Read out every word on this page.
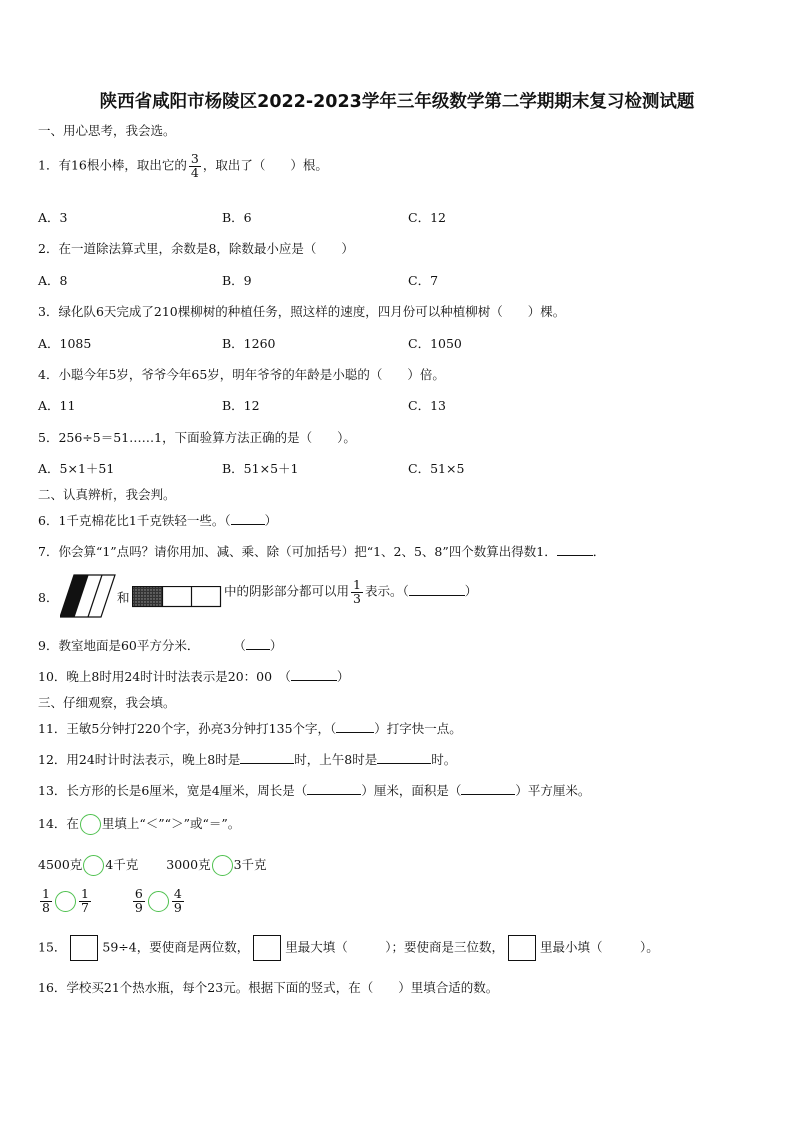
陕西省咸阳市杨陵区2022-2023学年三年级数学第二学期期末复习检测试题
一、用心思考，我会选。
1．有16根小棒，取出它的 $\frac{3}{4}$ ，取出了（　　）根。
A．3	B．6	C．12
2．在一道除法算式里，余数是8，除数最小应是（　　）
A．8	B．9	C．7
3．绿化队6天完成了210棵柳树的种植任务，照这样的速度，四月份可以种植柳树（　　）棵。
A．1085	B．1260	C．1050
4．小聪今年5岁，爷爷今年65岁，明年爷爷的年龄是小聪的（　　）倍。
A．11	B．12	C．13
5．256÷5＝51……1，下面验算方法正确的是（　　）。
A．5×1＋51	B．51×5＋1	C．51×5
二、认真辨析，我会判。
6．1千克棉花比1千克铁轻一些。（	）
7．你会算“1”点吗？请你用加、减、乘、除（可加括号）把“1、2、5、8”四个数算出得数1．	．
8．	和	中的阴影部分都可以用 $\frac{1}{3}$ 表示。（	）
9．教室地面是60平方分米．	（ ）
10．晚上8时用24时计时法表示是20：00　（	）
三、仔细观察，我会填。
11．王敏5分钟打220个字，孙亮3分钟打135个字，（	）打字快一点。
12．用24时计时法表示，晚上8时是	时，上午8时是	时。
13．长方形的长是6厘米，宽是4厘米，周长是（	）厘米，面积是（	）平方厘米。
14．在 里填上“＜”“＞”或“＝”。
4500克 4千克 3000克 3千克
$\frac{1}{8} \frac{1}{7}$	$\frac{6}{9} \frac{4}{9}$
15．	59÷4，要使商是两位数，	里最大填（　　　）；要使商是三位数，	里最小填（　　　）。
16．学校买21个热水瓶，每个23元。根据下面的竖式，在（　　）里填合适的数。
